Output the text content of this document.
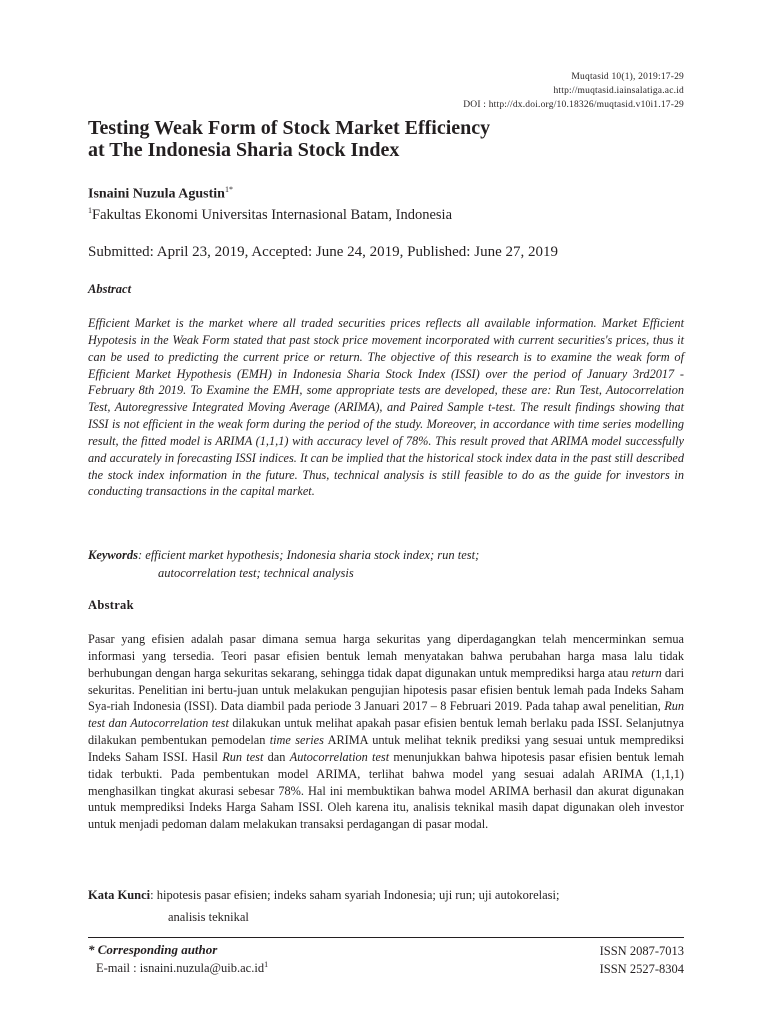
Muqtasid 10(1), 2019:17-29
http://muqtasid.iainsalatiga.ac.id
DOI : http://dx.doi.org/10.18326/muqtasid.v10i1.17-29
Testing Weak Form of Stock Market Efficiency
at The Indonesia Sharia Stock Index
Isnaini Nuzula Agustin$^{1*}$
$^1$Fakultas Ekonomi Universitas Internasional Batam, Indonesia
Submitted: April 23, 2019, Accepted: June 24, 2019, Published: June 27, 2019
Abstract
Efficient Market is the market where all traded securities prices reflects all available information. Market Efficient Hypotesis in the Weak Form stated that past stock price movement incorporated with current securities's prices, thus it can be used to predicting the current price or return. The objective of this research is to examine the weak form of Efficient Market Hypothesis (EMH) in Indonesia Sharia Stock Index (ISSI) over the period of January 3rd2017 -February 8th 2019. To Examine the EMH, some appropriate tests are developed, these are: Run Test, Autocorrelation Test, Autoregressive Integrated Moving Average (ARIMA), and Paired Sample t-test. The result findings showing that ISSI is not efficient in the weak form during the period of the study. Moreover, in accordance with time series modelling result, the fitted model is ARIMA (1,1,1) with accuracy level of 78%. This result proved that ARIMA model successfully and accurately in forecasting ISSI indices. It can be implied that the historical stock index data in the past still described the stock index information in the future. Thus, technical analysis is still feasible to do as the guide for investors in conducting transactions in the capital market.
Keywords: efficient market hypothesis; Indonesia sharia stock index; run test;
autocorrelation test; technical analysis
Abstrak
Pasar yang efisien adalah pasar dimana semua harga sekuritas yang diperdagangkan telah mencerminkan semua informasi yang tersedia. Teori pasar efisien bentuk lemah menyatakan bahwa perubahan harga masa lalu tidak berhubungan dengan harga sekuritas sekarang, sehingga tidak dapat digunakan untuk memprediksi harga atau return dari sekuritas. Penelitian ini bertu-juan untuk melakukan pengujian hipotesis pasar efisien bentuk lemah pada Indeks Saham Sya-riah Indonesia (ISSI). Data diambil pada periode 3 Januari 2017 – 8 Februari 2019. Pada tahap awal penelitian, Run test dan Autocorrelation test dilakukan untuk melihat apakah pasar efisien bentuk lemah berlaku pada ISSI. Selanjutnya dilakukan pembentukan pemodelan time series ARIMA untuk melihat teknik prediksi yang sesuai untuk memprediksi Indeks Saham ISSI. Hasil Run test dan Autocorrelation test menunjukkan bahwa hipotesis pasar efisien bentuk lemah tidak terbukti. Pada pembentukan model ARIMA, terlihat bahwa model yang sesuai adalah ARIMA (1,1,1) menghasilkan tingkat akurasi sebesar 78%. Hal ini membuktikan bahwa model ARIMA berhasil dan akurat digunakan untuk memprediksi Indeks Harga Saham ISSI. Oleh karena itu, analisis teknikal masih dapat digunakan oleh investor untuk menjadi pedoman dalam melakukan transaksi perdagangan di pasar modal.
Kata Kunci: hipotesis pasar efisien; indeks saham syariah Indonesia; uji run; uji autokorelasi;
analisis teknikal
* Corresponding author
E-mail : $isnaini.nuzula@uib.ac.id^1$
ISSN 2087-7013
ISSN 2527-8304
